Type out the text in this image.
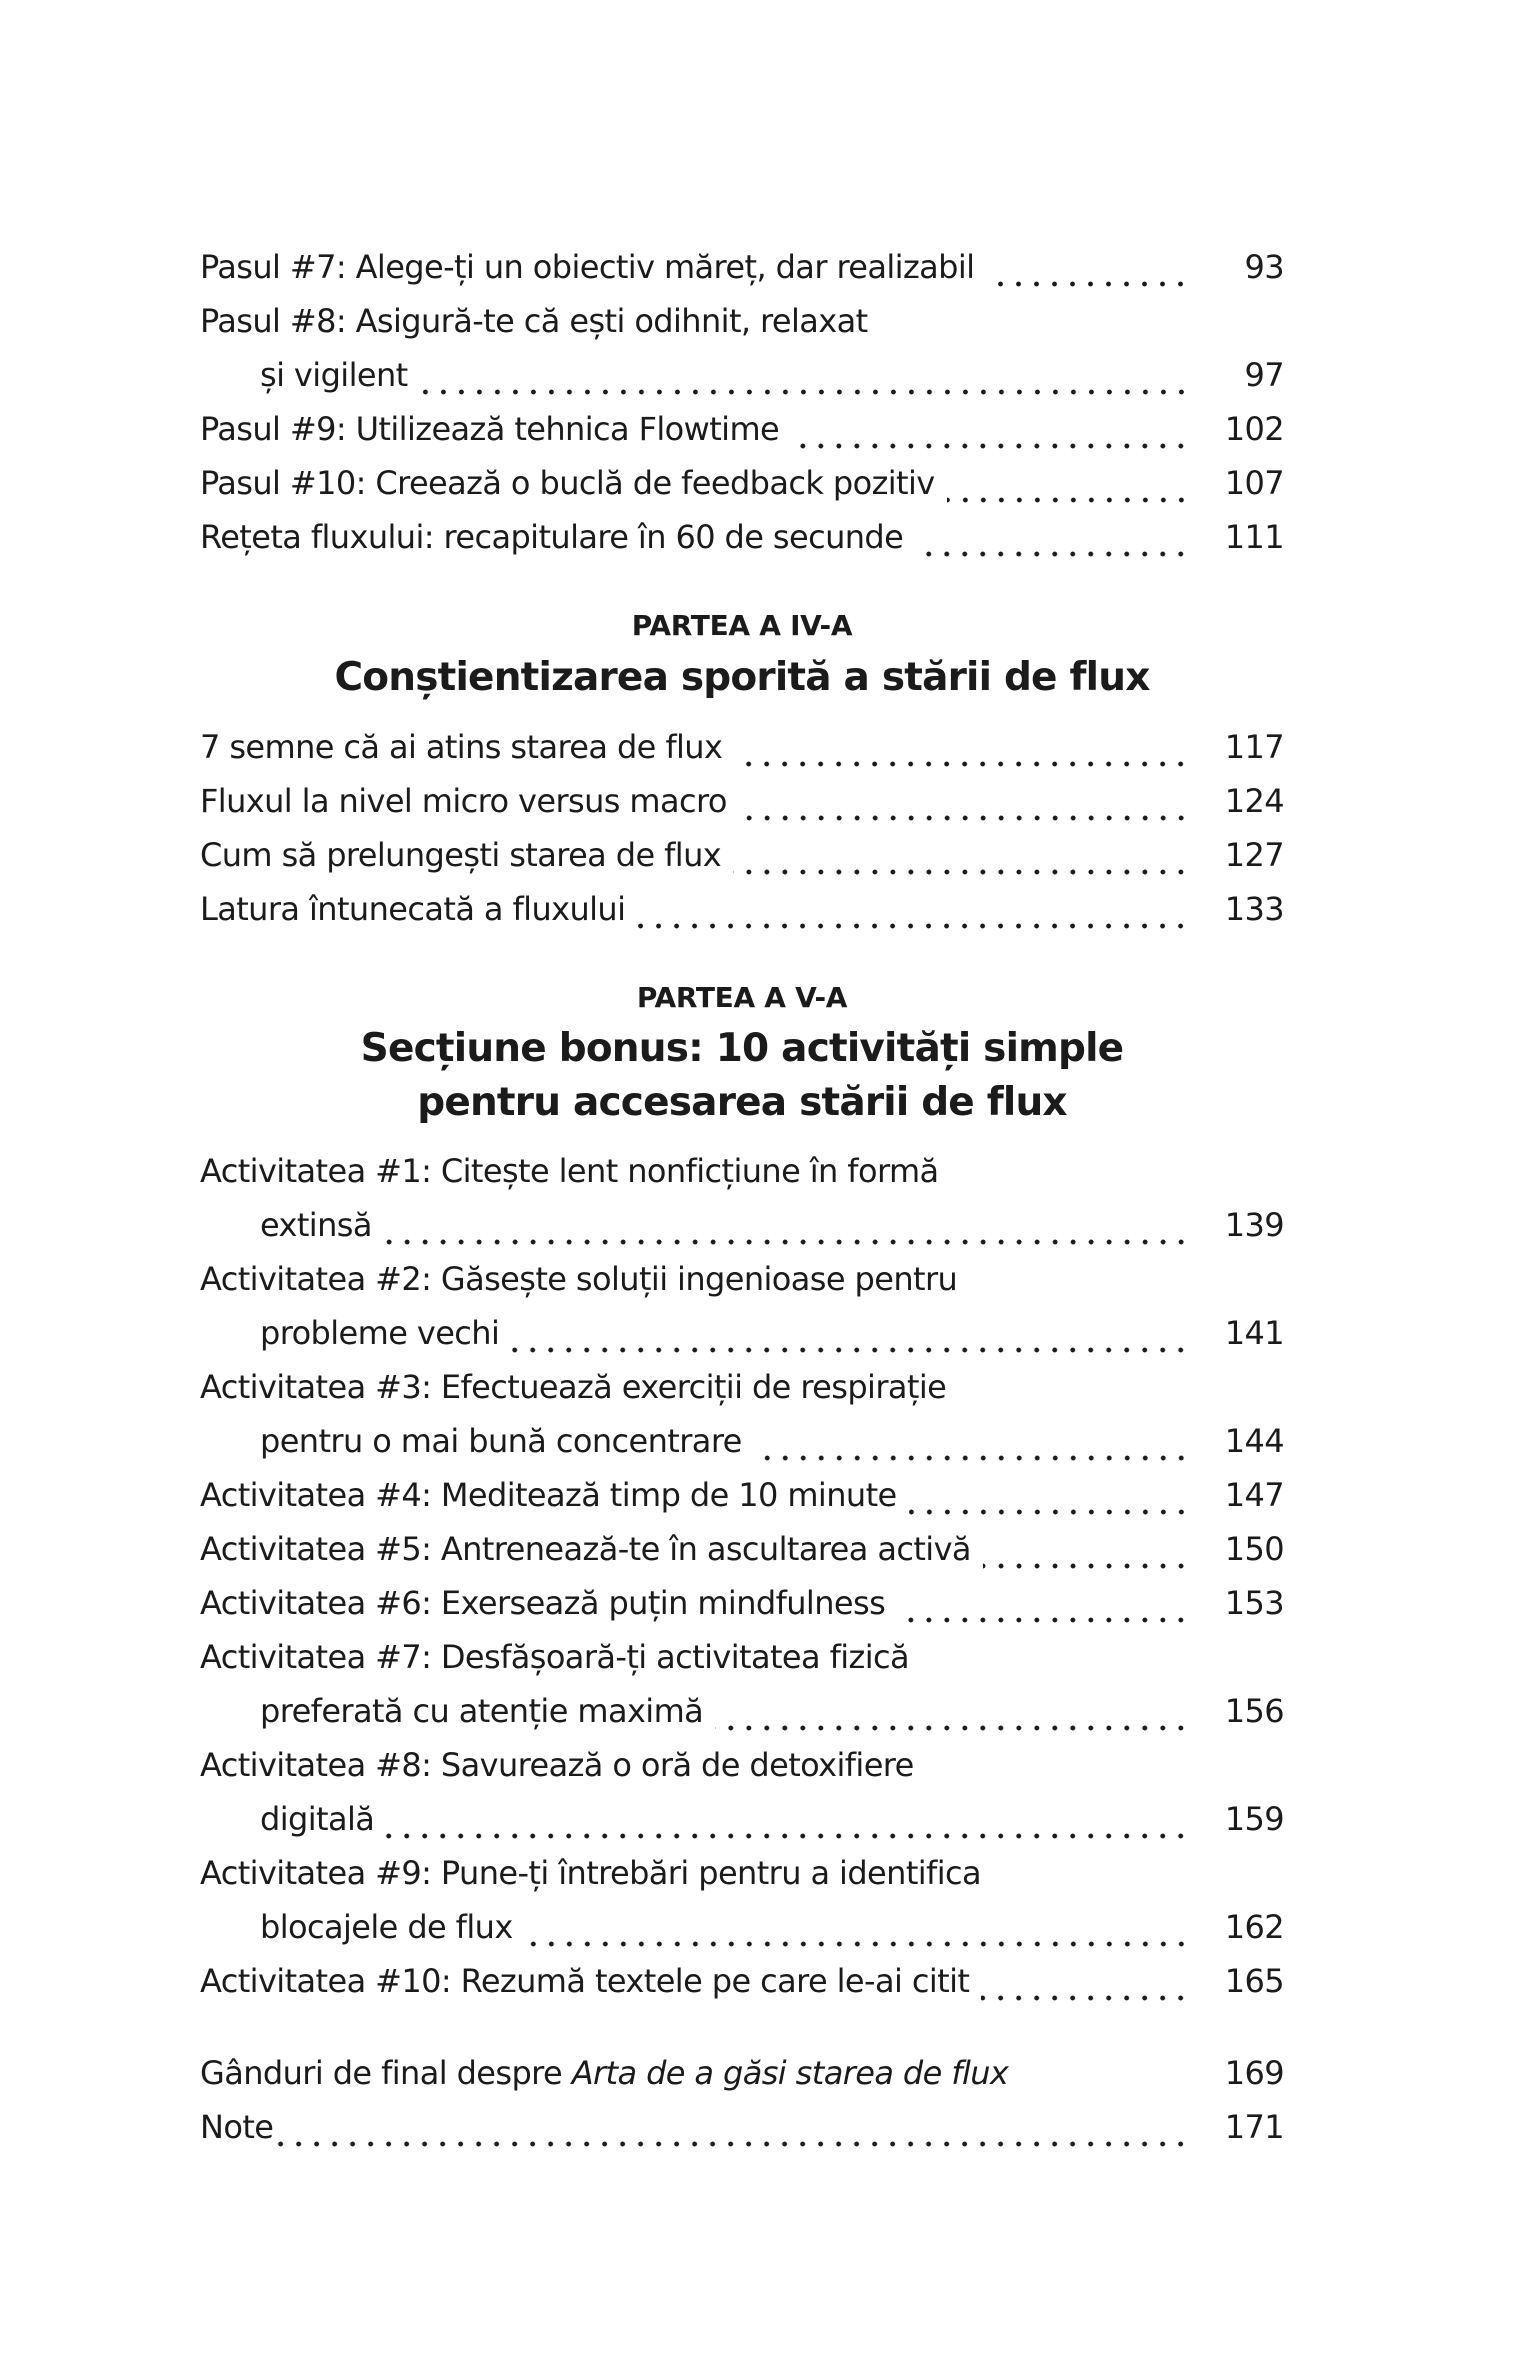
Pasul #7: Alege-ți un obiectiv măreț, dar realizabil	93
Pasul #8: Asigură-te că ești odihnit, relaxat
și vigilent	97
Pasul #9: Utilizează tehnica Flowtime	102
Pasul #10: Creează o buclă de feedback pozitiv	107
Rețeta fluxului: recapitulare în 60 de secunde	111
PARTEA A IV-A
Conștientizarea sporită a stării de flux
7 semne că ai atins starea de flux	117
Fluxul la nivel micro versus macro	124
Cum să prelungești starea de flux	127
Latura întunecată a fluxului	133
PARTEA A V-A
Secțiune bonus: 10 activități simple
pentru accesarea stării de flux
Activitatea #1: Citește lent nonficțiune în formă
extinsă	139
Activitatea #2: Găsește soluții ingenioase pentru
probleme vechi	141
Activitatea #3: Efectuează exerciții de respirație
pentru o mai bună concentrare	144
Activitatea #4: Meditează timp de 10 minute	147
Activitatea #5: Antrenează-te în ascultarea activă	150
Activitatea #6: Exersează puțin mindfulness	153
Activitatea #7: Desfășoară-ți activitatea fizică
preferată cu atenție maximă	156
Activitatea #8: Savurează o oră de detoxifiere
digitală	159
Activitatea #9: Pune-ți întrebări pentru a identifica
blocajele de flux	162
Activitatea #10: Rezumă textele pe care le-ai citit	165
Gânduri de final despre Arta de a găsi starea de flux	169
Note	171
